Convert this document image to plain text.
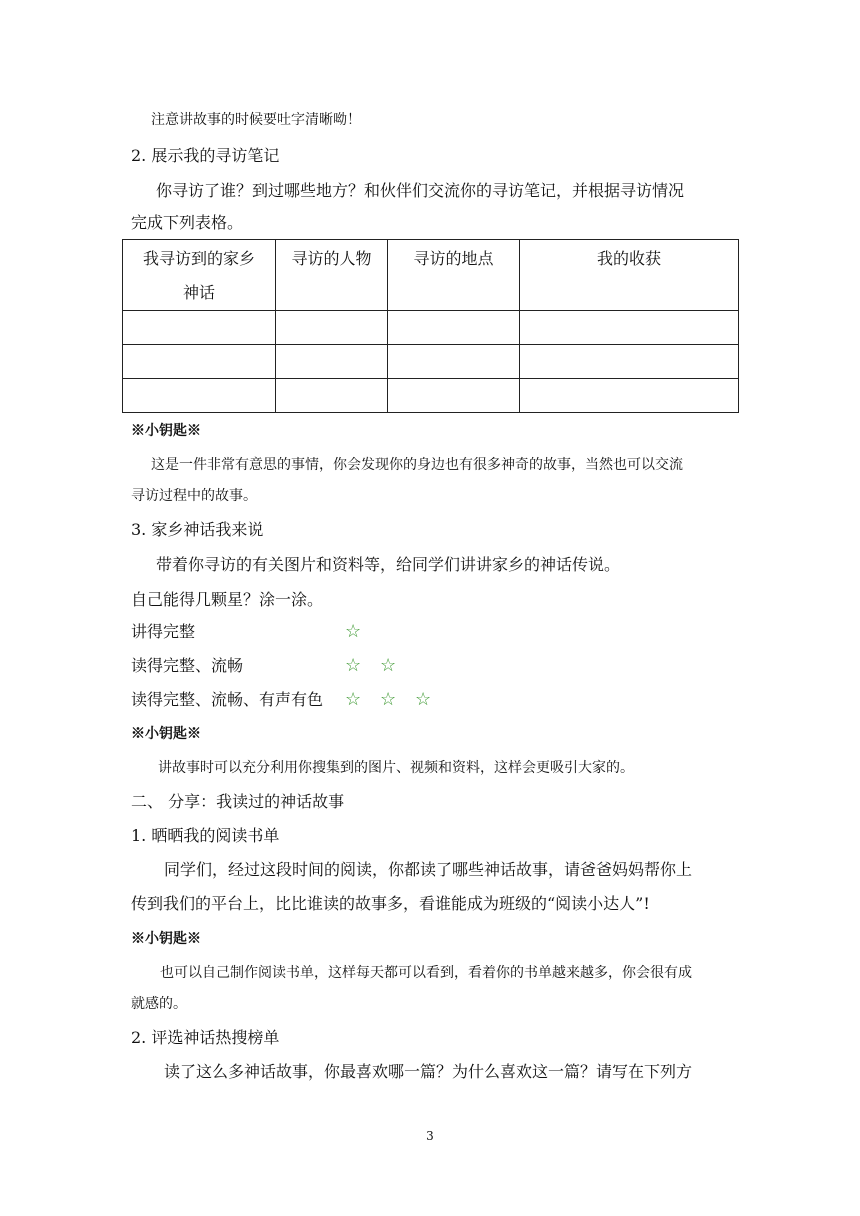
注意讲故事的时候要吐字清晰呦！
2. 展示我的寻访笔记
你寻访了谁？到过哪些地方？和伙伴们交流你的寻访笔记，并根据寻访情况
完成下列表格。
我寻访到的家乡
神话	寻访的人物	寻访的地点	我的收获

※小钥匙※
这是一件非常有意思的事情，你会发现你的身边也有很多神奇的故事，当然也可以交流
寻访过程中的故事。
3. 家乡神话我来说
带着你寻访的有关图片和资料等，给同学们讲讲家乡的神话传说。
自己能得几颗星？涂一涂。
讲得完整	☆
读得完整、流畅	☆ ☆
读得完整、流畅、有声有色 ☆ ☆ ☆
※小钥匙※
讲故事时可以充分利用你搜集到的图片、视频和资料，这样会更吸引大家的。
二、 分享：我读过的神话故事
1. 晒晒我的阅读书单
同学们，经过这段时间的阅读，你都读了哪些神话故事，请爸爸妈妈帮你上
传到我们的平台上，比比谁读的故事多，看谁能成为班级的“阅读小达人”!
※小钥匙※
也可以自己制作阅读书单，这样每天都可以看到，看着你的书单越来越多，你会很有成
就感的。
2. 评选神话热搜榜单
读了这么多神话故事，你最喜欢哪一篇？为什么喜欢这一篇？请写在下列方
3
